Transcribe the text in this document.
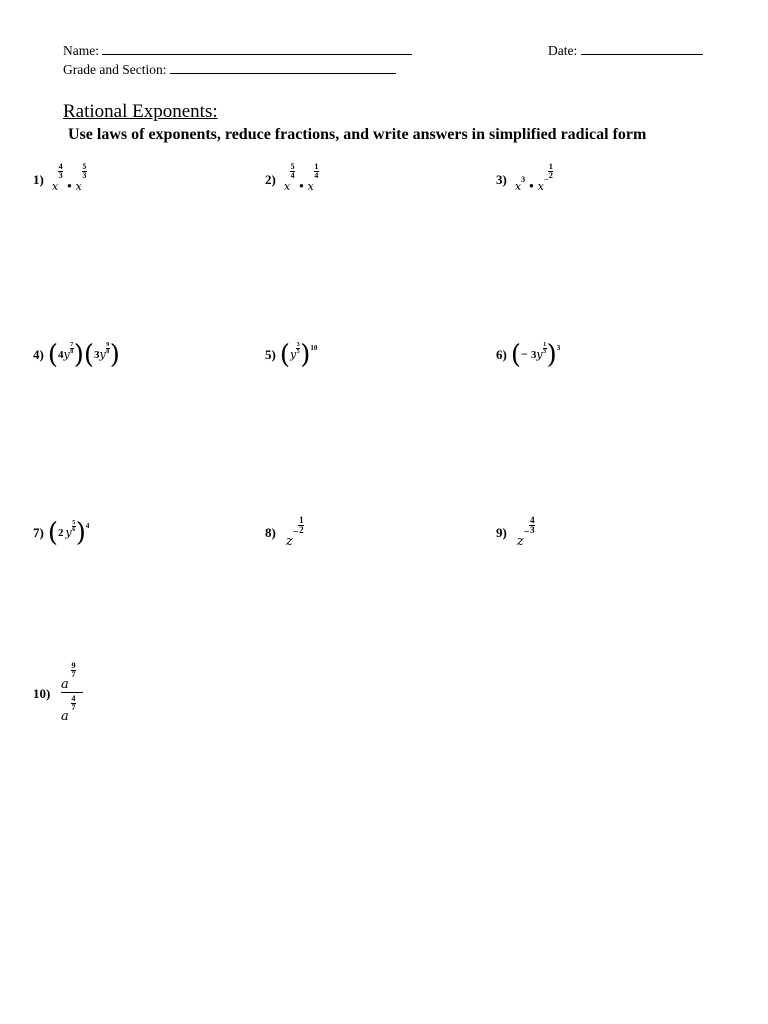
Name:	Date:
Grade and Section:
Rational Exponents:
Use laws of exponents, reduce fractions, and write answers in simplified radical form
$_{1)}$ $_x$
$\frac{4}{3}$
$_•$ $_x$
$\frac{5}{3}$	$_{2)}$ $_x$
$\frac{5}{4}$
$_•$ $_x$
$\frac{1}{4}$	$_{3)}$ $_{x3}$ $_•$ $_{x-} \frac{1}{2}$
$^{4)}$ $(^{4y} \frac{7}{8} )(^{3y} \frac{9}{8}$ )	$^{5)}$ $(^y \frac{3}{5} )^{10}$	$^{6)}$ (− $^{3y} \frac{1}{3} )^3$
$^{7)}$ ($^2$ $^y \frac{5}{6} )^4$	$_{8)}$ $_{z-} \frac{1}{2}$	$_{9)}$ $_{z-} \frac{4}{3}$
10)
a
9
7
a
4
7
